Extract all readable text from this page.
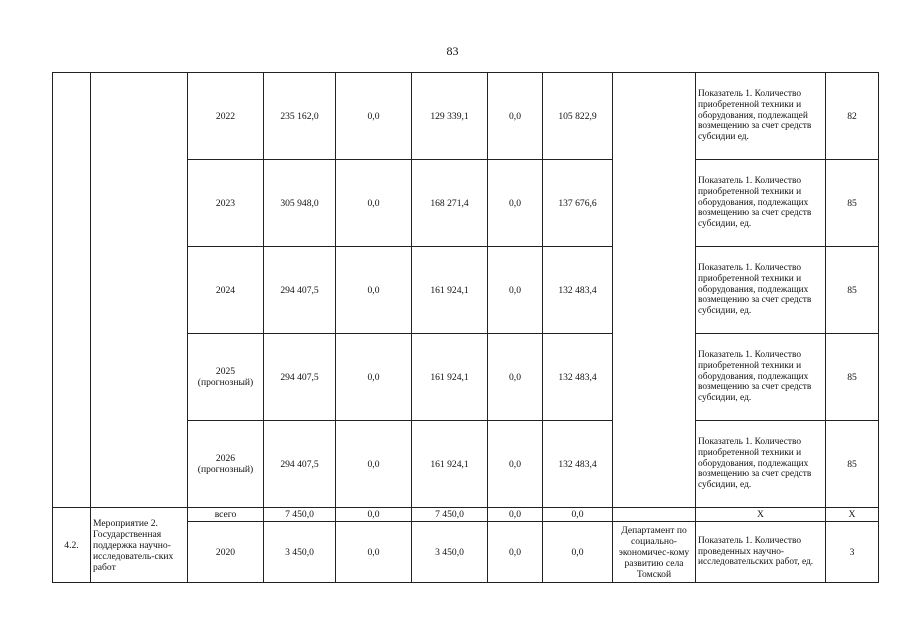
83
		2022	235 162,0	0,0	129 339,1	0,0	105 822,9		Показатель 1. Количество приобретенной техники и оборудования, подлежащей возмещению за счет средств субсидии ед.	82
		2023	305 948,0	0,0	168 271,4	0,0	137 676,6		Показатель 1. Количество приобретенной техники и оборудования, подлежащих возмещению за счет средств субсидии, ед.	85
		2024	294 407,5	0,0	161 924,1	0,0	132 483,4		Показатель 1. Количество приобретенной техники и оборудования, подлежащих возмещению за счет средств субсидии, ед.	85
		2025 (прогнозный)	294 407,5	0,0	161 924,1	0,0	132 483,4		Показатель 1. Количество приобретенной техники и оборудования, подлежащих возмещению за счет средств субсидии, ед.	85
		2026 (прогнозный)	294 407,5	0,0	161 924,1	0,0	132 483,4		Показатель 1. Количество приобретенной техники и оборудования, подлежащих возмещению за счет средств субсидии, ед.	85
4.2.	Мероприятие 2. Государственная поддержка научно-исследователь-ских работ	всего	7 450,0	0,0	7 450,0	0,0	0,0		Х	Х
		2020	3 450,0	0,0	3 450,0	0,0	0,0	Департамент по социально-экономичес-кому развитию села Томской	Показатель 1. Количество проведенных научно-исследовательских работ, ед.	3
